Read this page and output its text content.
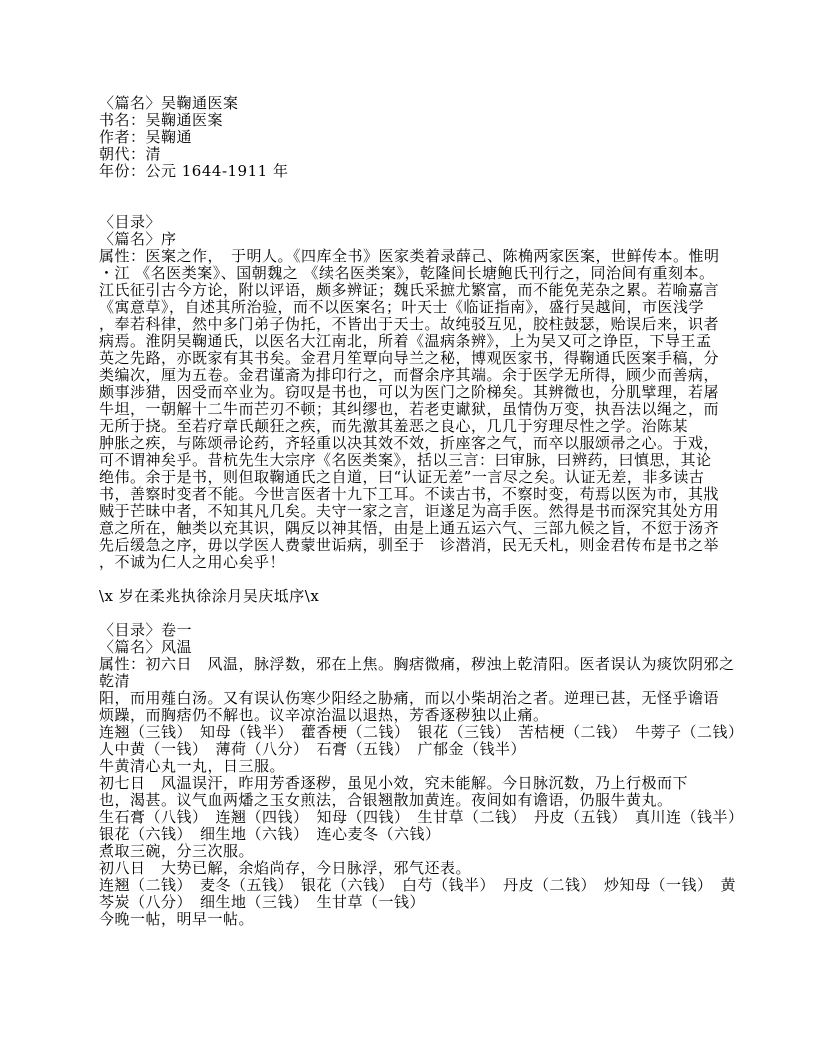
〈篇名〉吴鞠通医案
书名：吴鞠通医案
作者：吴鞠通
朝代：清
年份：公元 1644-1911 年
〈目录〉
〈篇名〉序
属性：医案之作，　于明人。《四库全书》医家类着录薛己、陈桷两家医案，世鲜传本。惟明
・江 《名医类案》、国朝魏之 《续名医类案》，乾隆间长塘鲍氏刊行之，同治间有重刻本。
江氏征引古今方论，附以评语，颇多辨证；魏氏采摭尤繁富，而不能免芜杂之累。若喻嘉言
《寓意草》，自述其所治验，而不以医案名；叶天士《临证指南》，盛行吴越间，市医浅学
，奉若科律，然中多门弟子伪托，不皆出于天士。故纯驳互见，胶柱鼓瑟，贻误后来，识者
病焉。淮阴吴鞠通氏，以医名大江南北，所着《温病条辨》，上为吴又可之诤臣，下导王孟
英之先路，亦既家有其书矣。金君月笙覃向导兰之秘，博观医家书，得鞠通氏医案手稿，分
类编次，厘为五卷。金君谨斋为排印行之，而督余序其端。余于医学无所得，顾少而善病，
颇事涉猎，因受而卒业为。窃叹是书也，可以为医门之阶梯矣。其辨微也，分肌擘理，若屠
牛坦，一朝解十二牛而芒刃不顿；其纠缪也，若老吏谳狱，虽情伪万变，执吾法以绳之，而
无所于挠。至若疗章氏颠狂之疾，而先激其羞恶之良心，几几于穷理尽性之学。治陈某
肿胀之疾，与陈颂帚论药，齐轻重以决其效不效，折座客之气，而卒以服颂帚之心。于戏，
可不谓神矣乎。昔杭先生大宗序《名医类案》，括以三言：曰审脉，曰辨药，曰慎思，其论
绝伟。余于是书，则但取鞠通氏之自道，曰“认证无差”一言尽之矣。认证无差，非多读古
书，善察时变者不能。今世言医者十九下工耳。不读古书，不察时变，苟焉以医为市，其戕
贼于芒昧中者，不知其凡几矣。夫守一家之言，讵遂足为高手医。然得是书而深究其处方用
意之所在，触类以充其识，隅反以神其悟，由是上通五运六气、三部九候之旨，不愆于汤齐
先后缓急之序，毋以学医人费蒙世诟病，驯至于　诊潜消，民无夭札，则金君传布是书之举
，不诚为仁人之用心矣乎！
\x 岁在柔兆执徐涂月吴庆坻序\x
〈目录〉卷一
〈篇名〉风温
属性：初六日　风温，脉浮数，邪在上焦。胸痞微痛，秽浊上乾清阳。医者误认为痰饮阴邪之
乾清
阳，而用薤白汤。又有误认伤寒少阳经之胁痛，而以小柴胡治之者。逆理已甚，无怪乎谵语
烦躁，而胸痞仍不解也。议辛凉治温以退热，芳香逐秽独以止痛。
连翘（三钱）　知母（钱半）　藿香梗（二钱）　银花（三钱）　苦桔梗（二钱）　牛蒡子（二钱）
人中黄（一钱）　薄荷（八分）　石膏（五钱）　广郁金（钱半）
牛黄清心丸一丸，日三服。
初七日　风温误汗，昨用芳香逐秽，虽见小效，究未能解。今日脉沉数，乃上行极而下
也，渴甚。议气血两燔之玉女煎法，合银翘散加黄连。夜间如有谵语，仍服牛黄丸。
生石膏（八钱）　连翘（四钱）　知母（四钱）　生甘草（二钱）　丹皮（五钱）　真川连（钱半）
银花（六钱）　细生地（六钱）　连心麦冬（六钱）
煮取三碗，分三次服。
初八日　大势已解，余焰尚存，今日脉浮，邪气还表。
连翘（二钱）　麦冬（五钱）　银花（六钱）　白芍（钱半）　丹皮（二钱）　炒知母（一钱）　黄
芩炭（八分）　细生地（三钱）　生甘草（一钱）
今晚一帖，明早一帖。
